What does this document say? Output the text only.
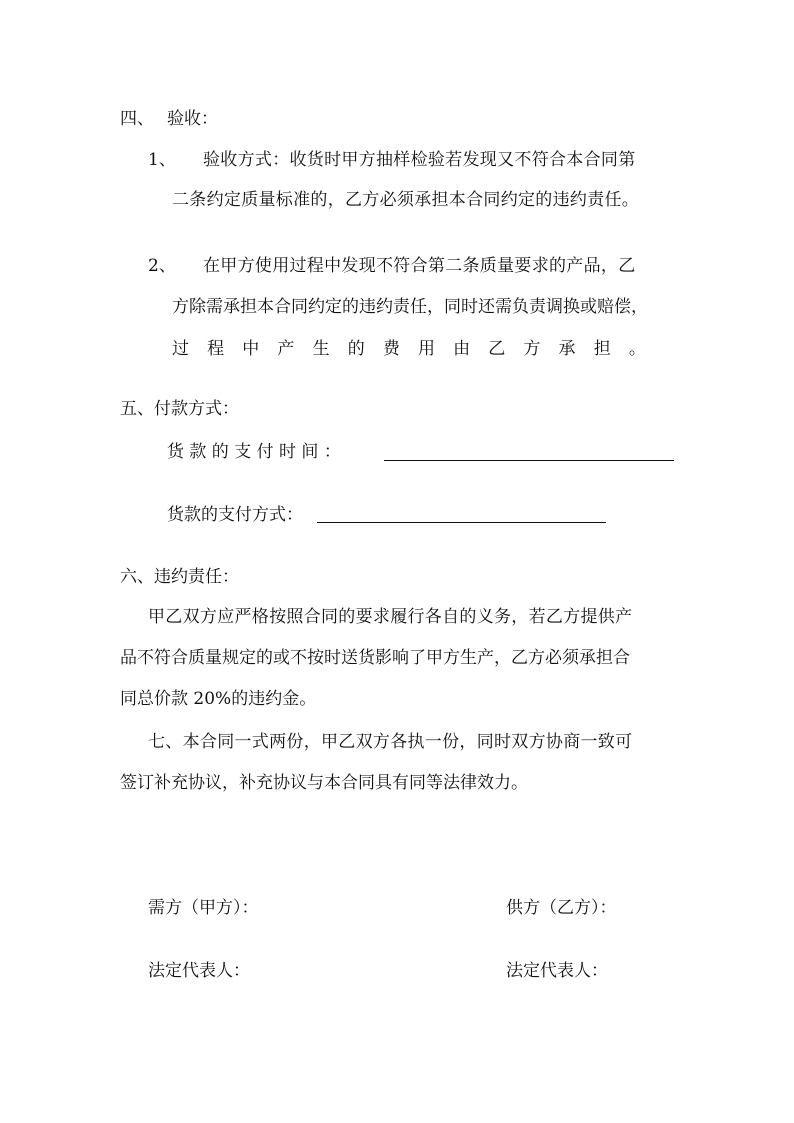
四、 验收：
1、 验收方式：收货时甲方抽样检验若发现又不符合本合同第
二条约定质量标准的，乙方必须承担本合同约定的违约责任。
2、 在甲方使用过程中发现不符合第二条质量要求的产品，乙
方除需承担本合同约定的违约责任，同时还需负责调换或赔偿，
过 程 中 产 生 的 费 用 由 乙 方 承 担 。
五、付款方式：
货 款 的 支 付 时 间 ：
货款的支付方式：
六、违约责任：
甲乙双方应严格按照合同的要求履行各自的义务，若乙方提供产
品不符合质量规定的或不按时送货影响了甲方生产，乙方必须承担合
同总价款 20%的违约金。
七、本合同一式两份，甲乙双方各执一份，同时双方协商一致可
签订补充协议，补充协议与本合同具有同等法律效力。
需方（甲方）：	供方（乙方）：
法定代表人：	法定代表人：
